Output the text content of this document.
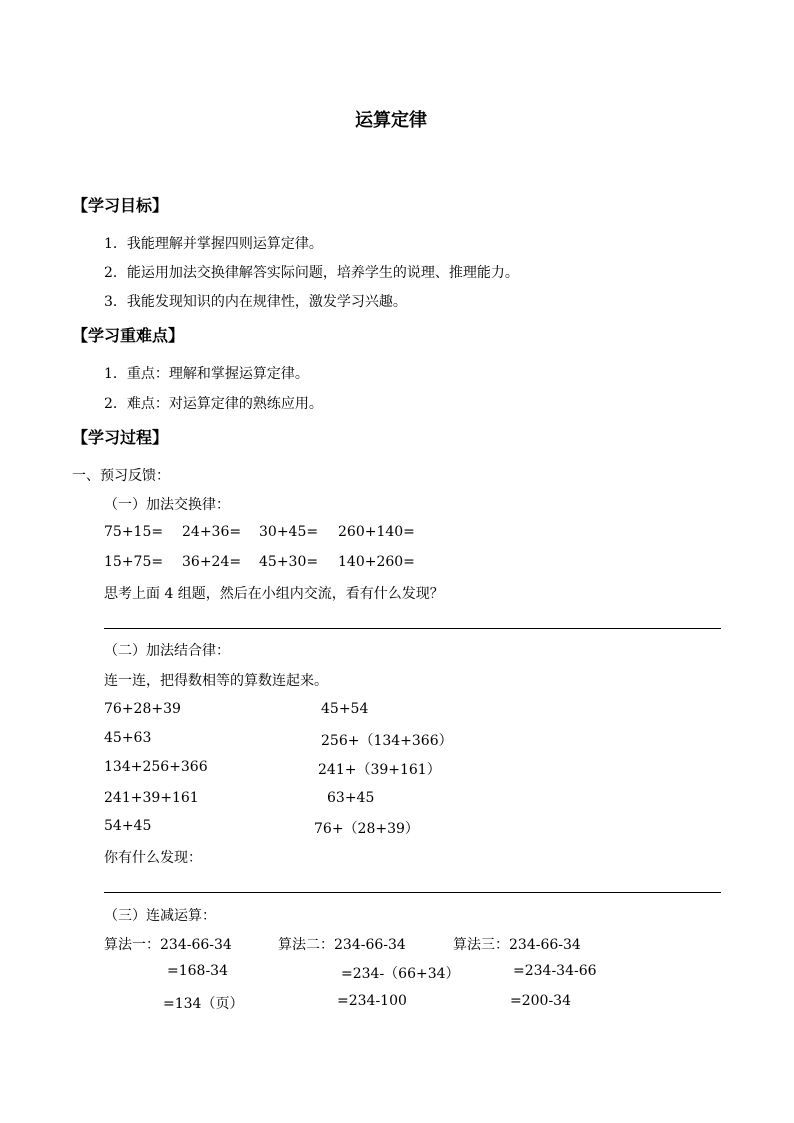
运算定律
【学习目标】
1．我能理解并掌握四则运算定律。
2．能运用加法交换律解答实际问题，培养学生的说理、推理能力。
3．我能发现知识的内在规律性，激发学习兴趣。
【学习重难点】
1．重点：理解和掌握运算定律。
2．难点：对运算定律的熟练应用。
【学习过程】
一、预习反馈：
（一）加法交换律：
75+15= 24+36= 30+45= 260+140=
15+75= 36+24= 45+30= 140+260=
思考上面 4 组题，然后在小组内交流，看有什么发现？
（二）加法结合律：
连一连，把得数相等的算数连起来。
76+28+39
45+63
134+256+366
241+39+161
54+45
45+54
256+（134+366）
241+（39+161）
63+45
76+（28+39）
你有什么发现：
（三）连减运算：
算法一：234-66-34
=168-34
=134（页）
算法二：234-66-34
=234-（66+34）
=234-100
算法三：234-66-34
=234-34-66
=200-34
